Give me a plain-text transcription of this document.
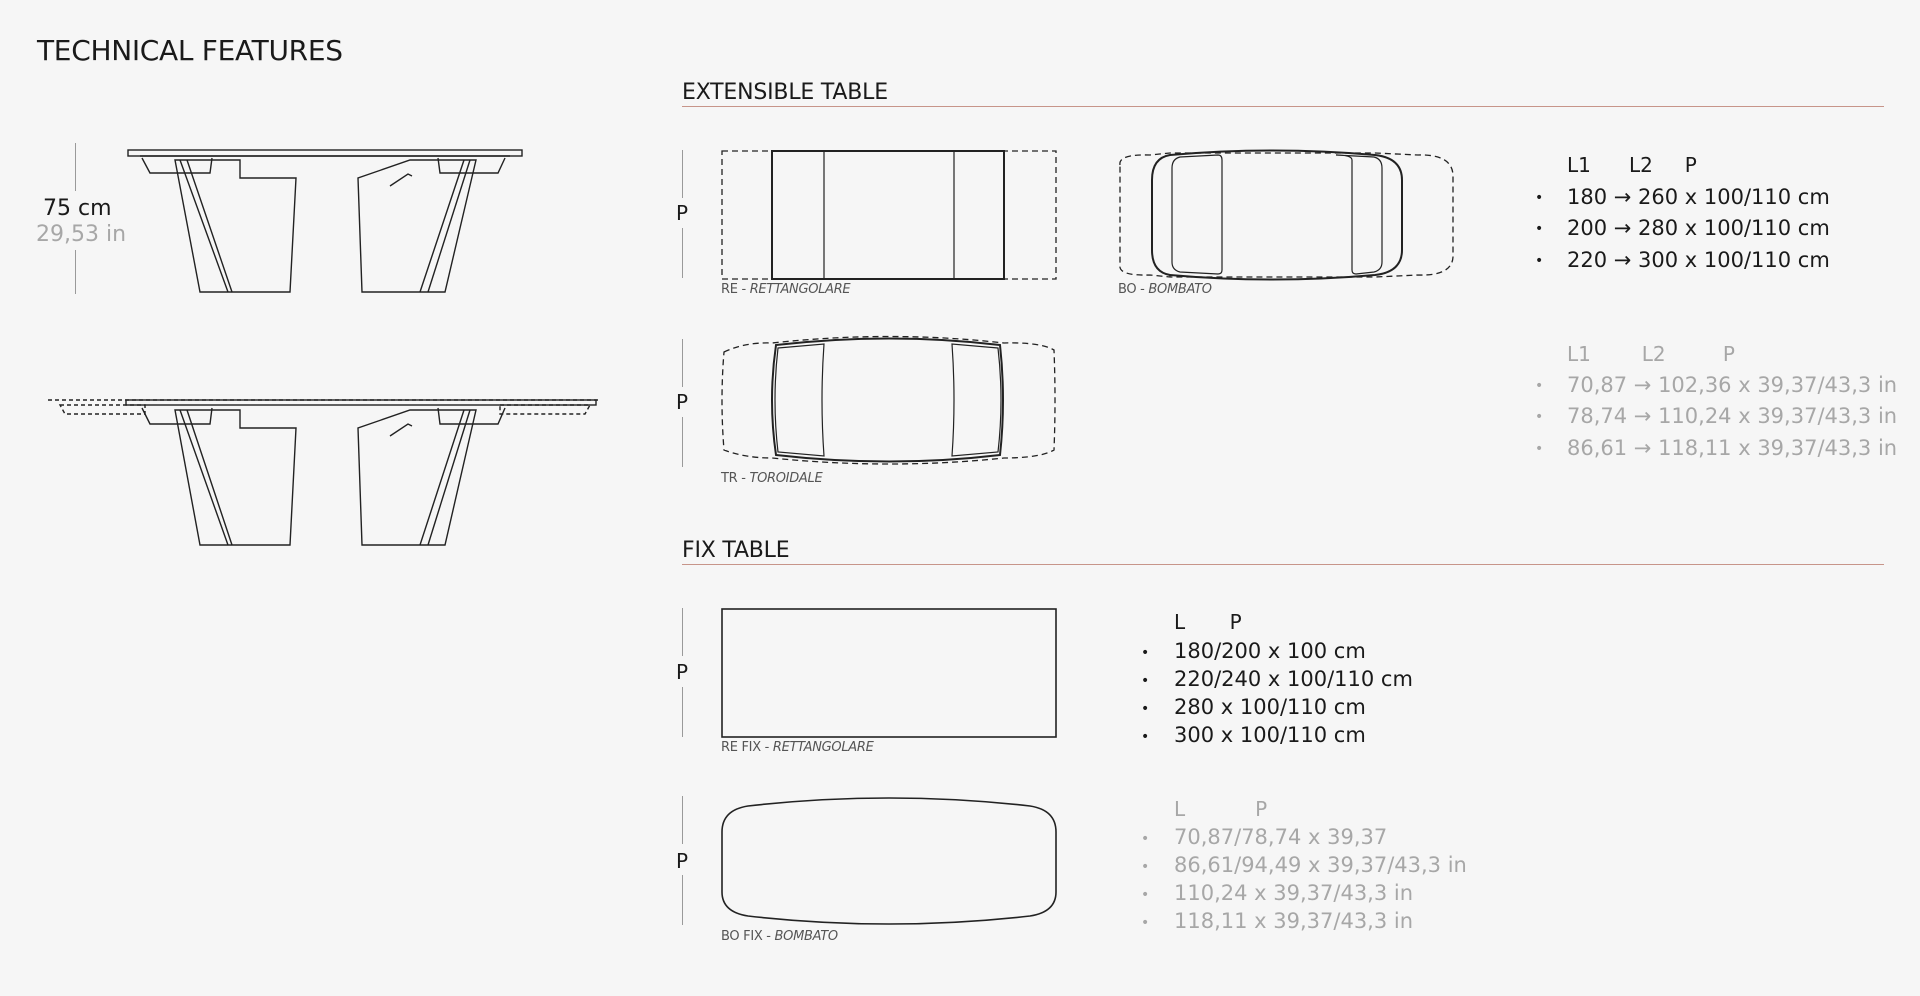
TECHNICAL FEATURES
75 cm
29,53 in
EXTENSIBLE TABLE
P
RE - RETTANGOLARE	BO - BOMBATO
L1 L2 P
• 180 → 260 x 100/110 cm
• 200 → 280 x 100/110 cm
• 220 → 300 x 100/110 cm
P
TR - TOROIDALE
L1	L2	P
• 70,87 → 102,36 x 39,37/43,3 in
• 78,74 → 110,24 x 39,37/43,3 in
• 86,61 → 118,11 x 39,37/43,3 in
FIX TABLE
P
RE FIX - RETTANGOLARE
L P
• 180/200 x 100 cm
• 220/240 x 100/110 cm
• 280 x 100/110 cm
• 300 x 100/110 cm
P
BO FIX - BOMBATO
L	P
• 70,87/78,74 x 39,37
• 86,61/94,49 x 39,37/43,3 in
• 110,24 x 39,37/43,3 in
• 118,11 x 39,37/43,3 in
